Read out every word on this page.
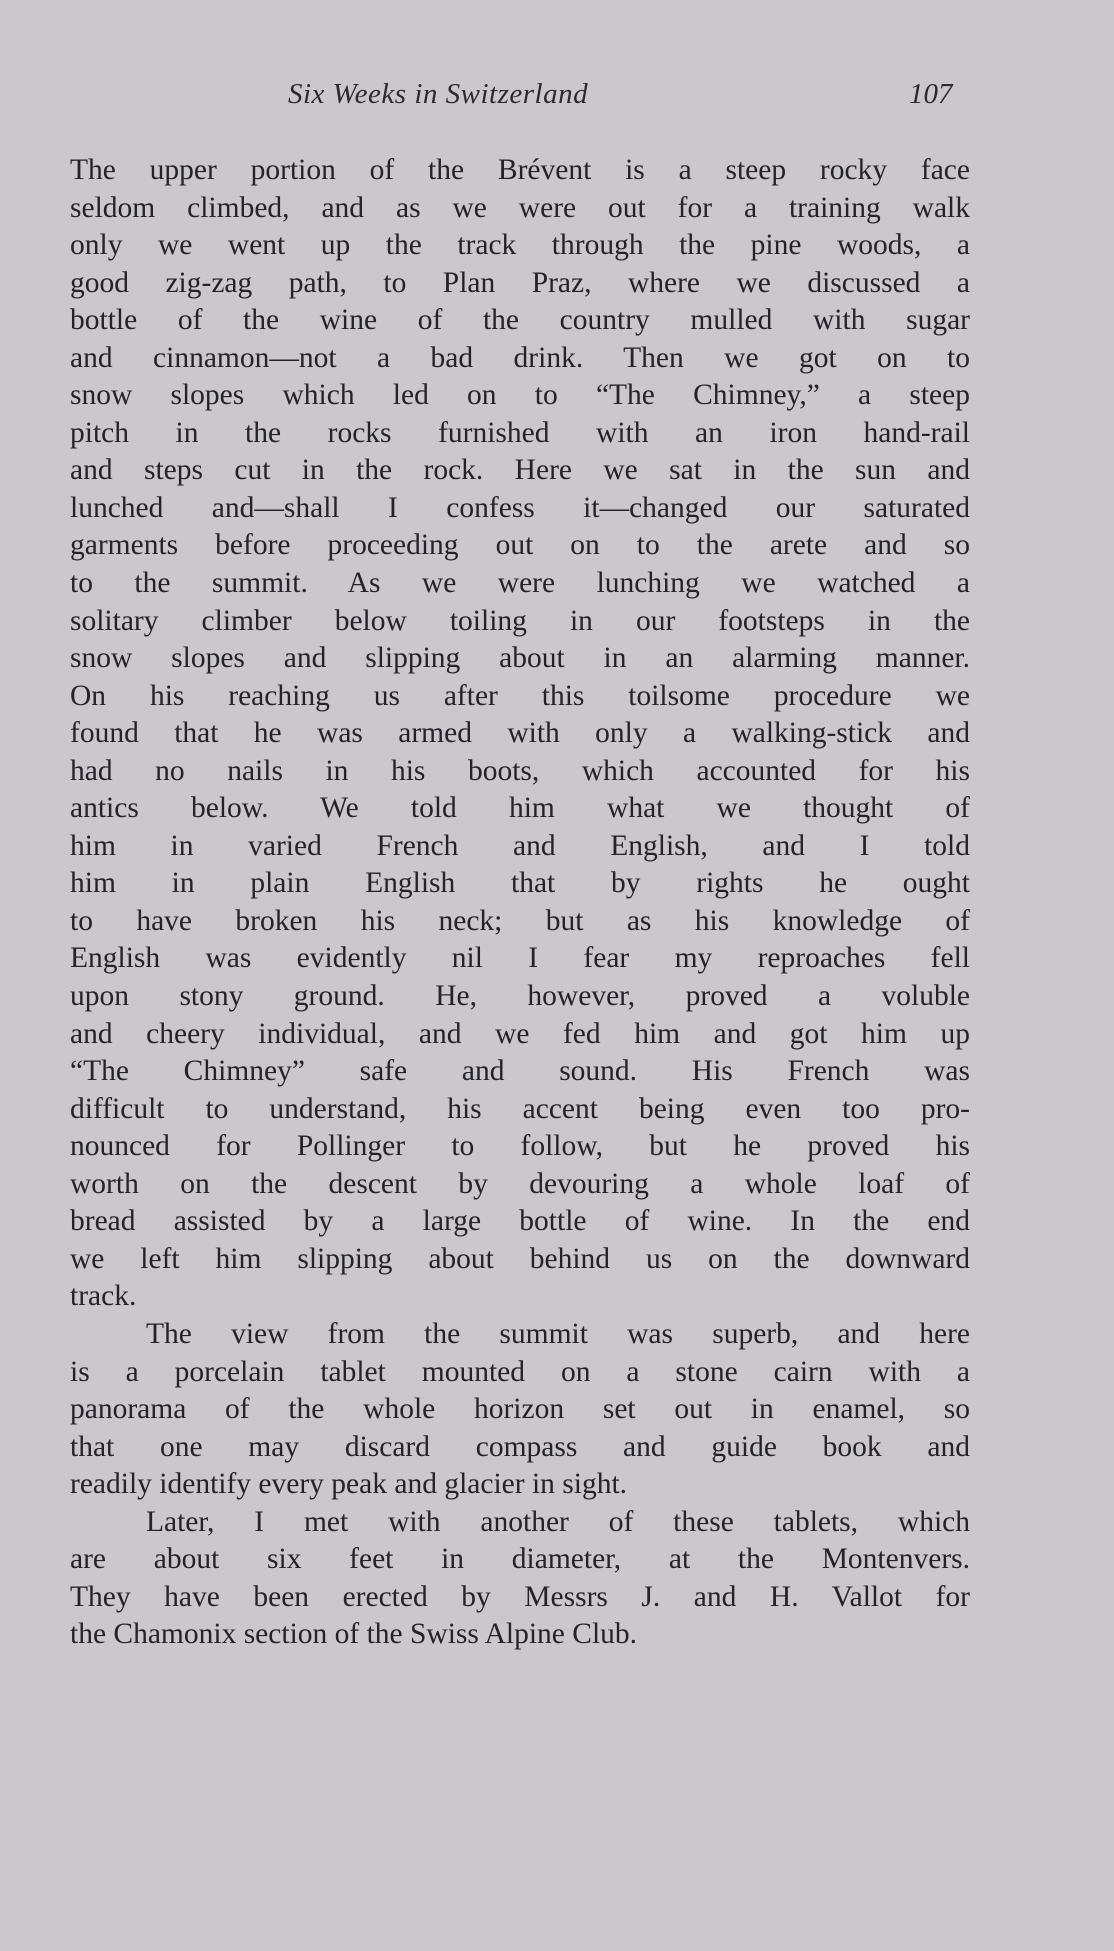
Six Weeks in Switzerland	107
The upper portion of the Brévent is a steep rocky face
seldom climbed, and as we were out for a training walk
only we went up the track through the pine woods, a
good zig-zag path, to Plan Praz, where we discussed a
bottle of the wine of the country mulled with sugar
and cinnamon—not a bad drink. Then we got on to
snow slopes which led on to “The Chimney,” a steep
pitch in the rocks furnished with an iron hand-rail
and steps cut in the rock. Here we sat in the sun and
lunched and—shall I confess it—changed our saturated
garments before proceeding out on to the arete and so
to the summit. As we were lunching we watched a
solitary climber below toiling in our footsteps in the
snow slopes and slipping about in an alarming manner.
On his reaching us after this toilsome procedure we
found that he was armed with only a walking-stick and
had no nails in his boots, which accounted for his
antics below. We told him what we thought of
him in varied French and English, and I told
him in plain English that by rights he ought
to have broken his neck; but as his knowledge of
English was evidently nil I fear my reproaches fell
upon stony ground. He, however, proved a voluble
and cheery individual, and we fed him and got him up
“The Chimney” safe and sound. His French was
difficult to understand, his accent being even too pro-
nounced for Pollinger to follow, but he proved his
worth on the descent by devouring a whole loaf of
bread assisted by a large bottle of wine. In the end
we left him slipping about behind us on the downward
track.
The view from the summit was superb, and here
is a porcelain tablet mounted on a stone cairn with a
panorama of the whole horizon set out in enamel, so
that one may discard compass and guide book and
readily identify every peak and glacier in sight.
Later, I met with another of these tablets, which
are about six feet in diameter, at the Montenvers.
They have been erected by Messrs J. and H. Vallot for
the Chamonix section of the Swiss Alpine Club.
